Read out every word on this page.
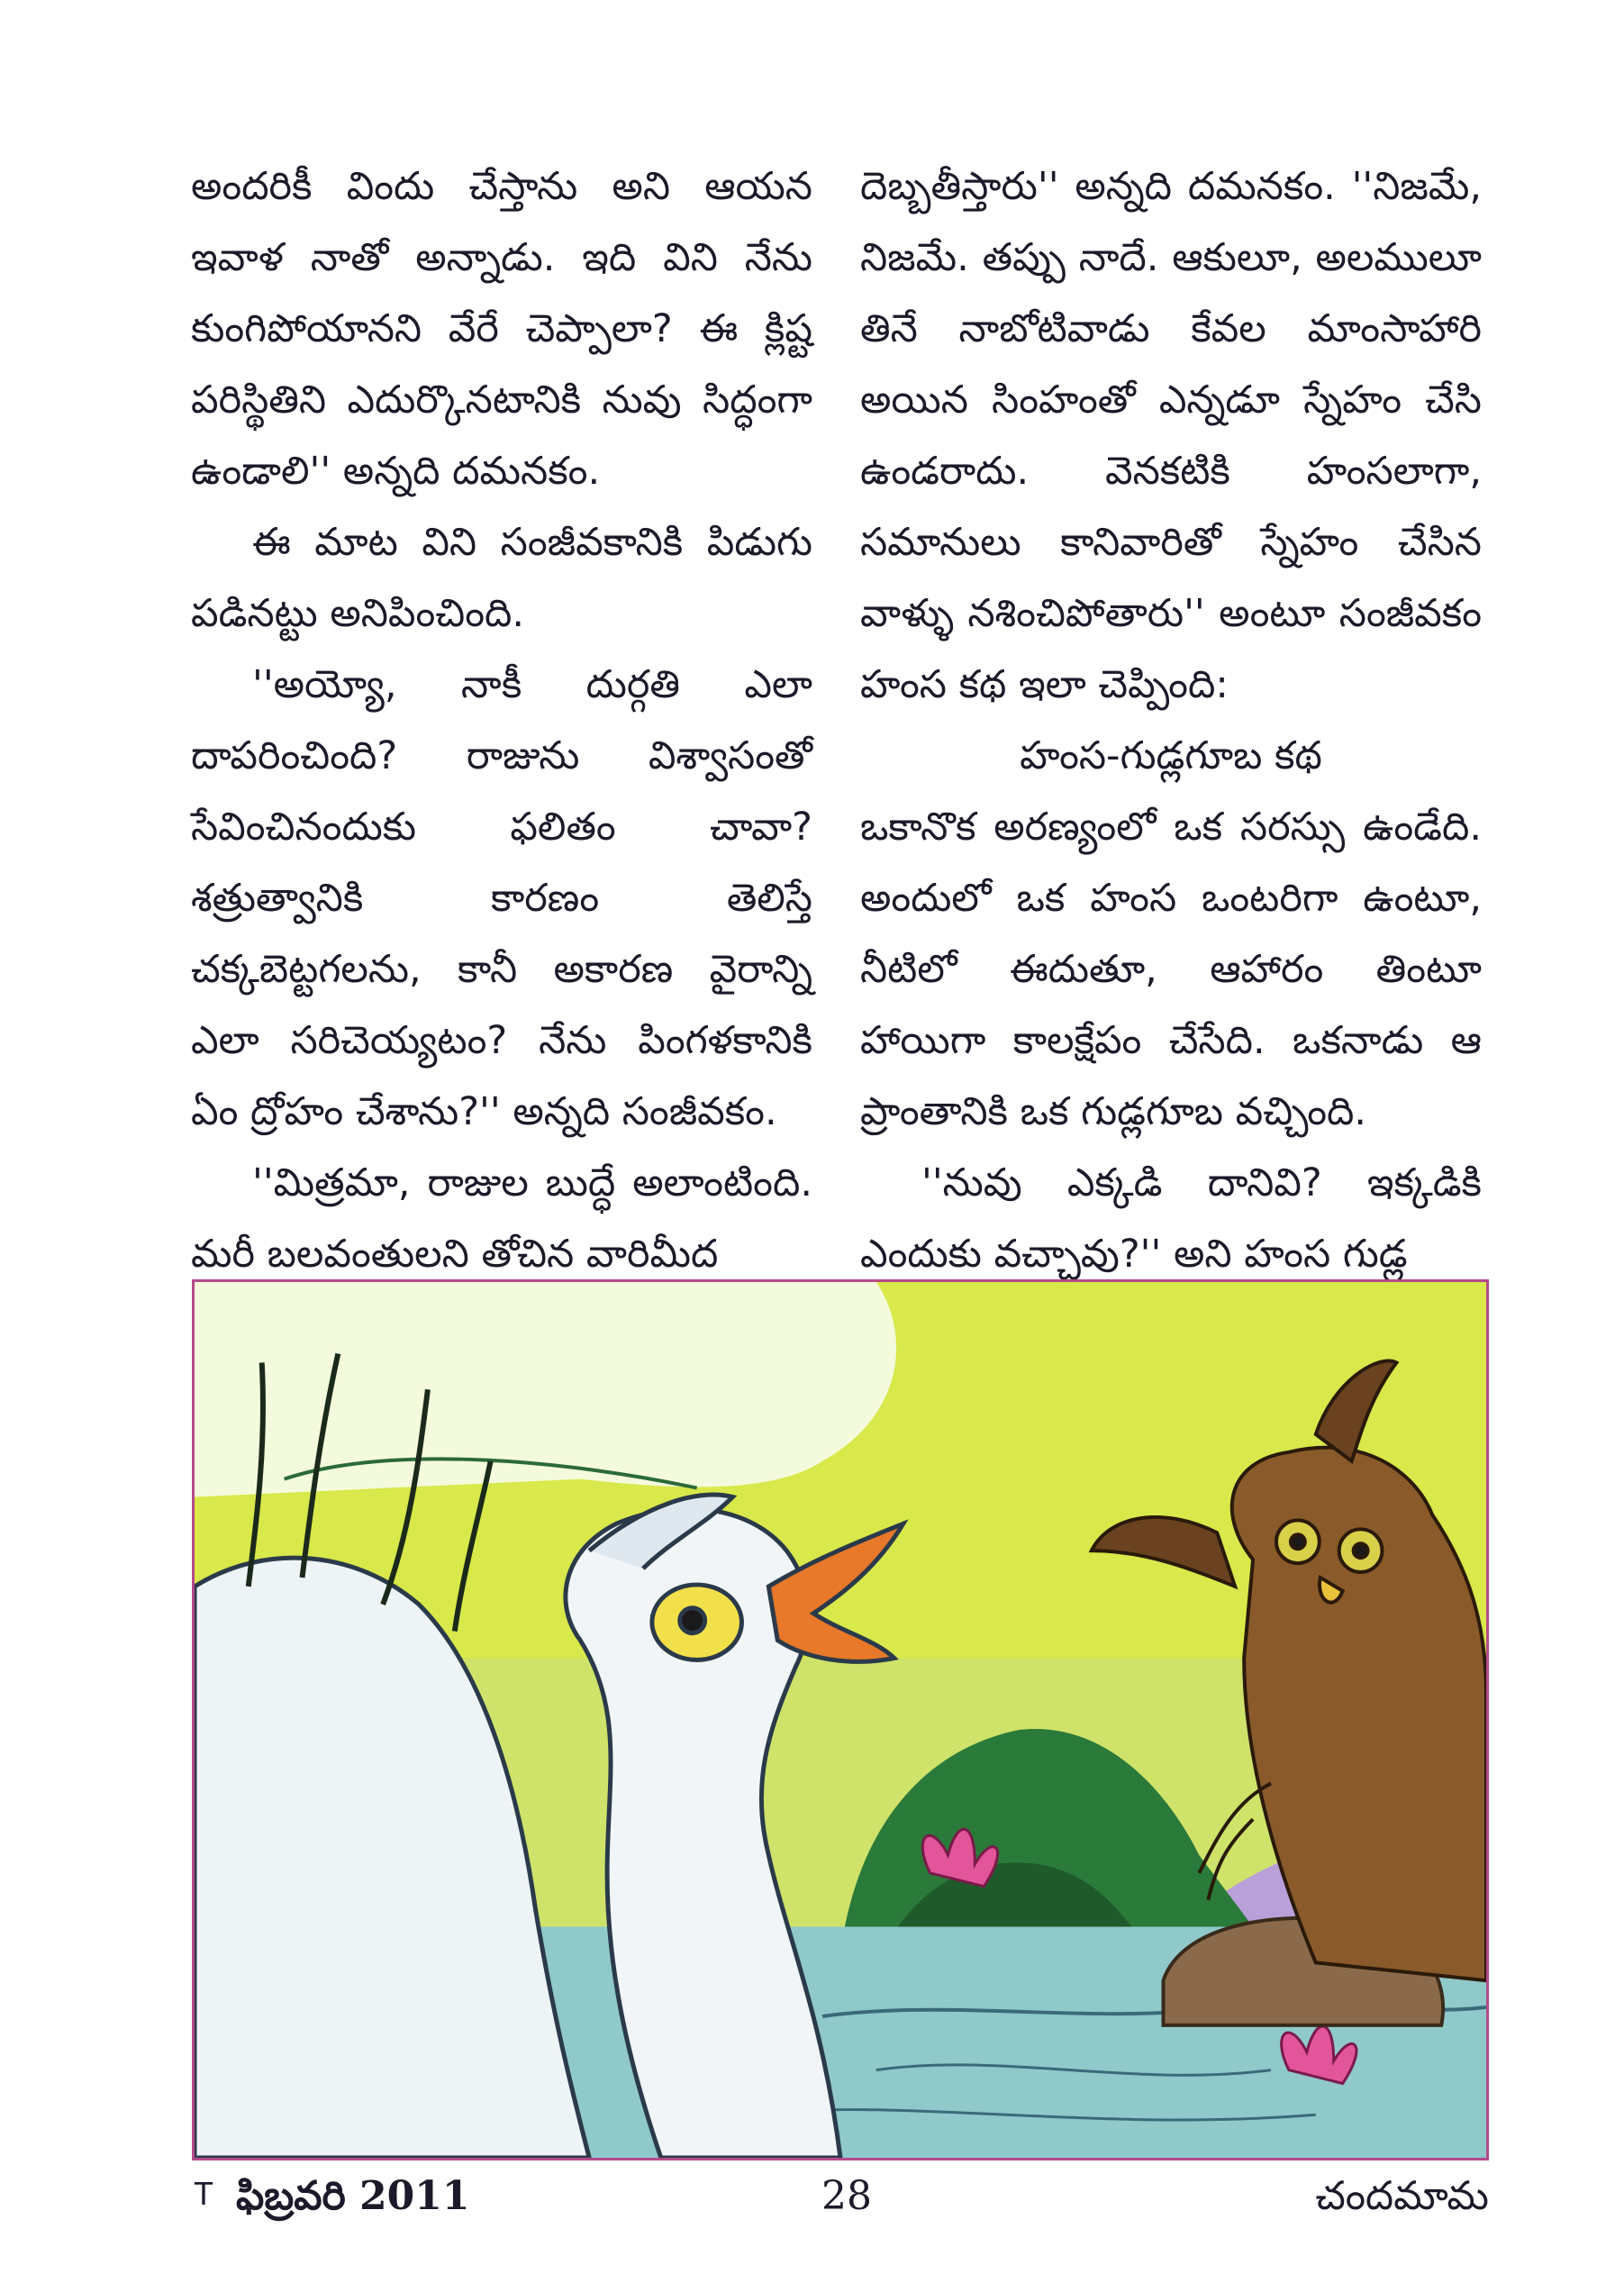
అందరికీ విందు చేస్తాను అని ఆయన ఇవాళ నాతో అన్నాడు. ఇది విని నేను కుంగిపోయానని వేరే చెప్పాలా? ఈ క్లిష్ట పరిస్థితిని ఎదుర్కొనటానికి నువు సిద్ధంగా ఉండాలి'' అన్నది దమనకం.

ఈ మాట విని సంజీవకానికి పిడుగు పడినట్టు అనిపించింది.

''అయ్యో, నాకీ దుర్గతి ఎలా దాపరించింది? రాజును విశ్వాసంతో సేవించినందుకు ఫలితం చావా? శత్రుత్వానికి కారణం తెలిస్తే చక్కబెట్టగలను, కానీ అకారణ వైరాన్ని ఎలా సరిచెయ్యటం? నేను పింగళకానికి ఏం ద్రోహం చేశాను?'' అన్నది సంజీవకం.

''మిత్రమా, రాజుల బుద్ధే అలాంటింది. మరీ బలవంతులని తోచిన వారిమీద

దెబ్బతీస్తారు'' అన్నది దమనకం. ''నిజమే, నిజమే. తప్పు నాదే. ఆకులూ, అలములూ తినే నాబోటివాడు కేవల మాంసాహారి అయిన సింహంతో ఎన్నడూ స్నేహం చేసి ఉండరాదు. వెనకటికి హంసలాగా, సమానులు కానివారితో స్నేహం చేసిన వాళ్ళు నశించిపోతారు'' అంటూ సంజీవకం హంస కథ ఇలా చెప్పింది:

హంస-గుడ్లగూబ కథ

ఒకానొక అరణ్యంలో ఒక సరస్సు ఉండేది. అందులో ఒక హంస ఒంటరిగా ఉంటూ, నీటిలో ఈదుతూ, ఆహారం తింటూ హాయిగా కాలక్షేపం చేసేది. ఒకనాడు ఆ ప్రాంతానికి ఒక గుడ్లగూబ వచ్చింది.

''నువు ఎక్కడి దానివి? ఇక్కడికి ఎందుకు వచ్చావు?'' అని హంస గుడ్ల

T ఫిబ్రవరి 2011	28	చందమామ
